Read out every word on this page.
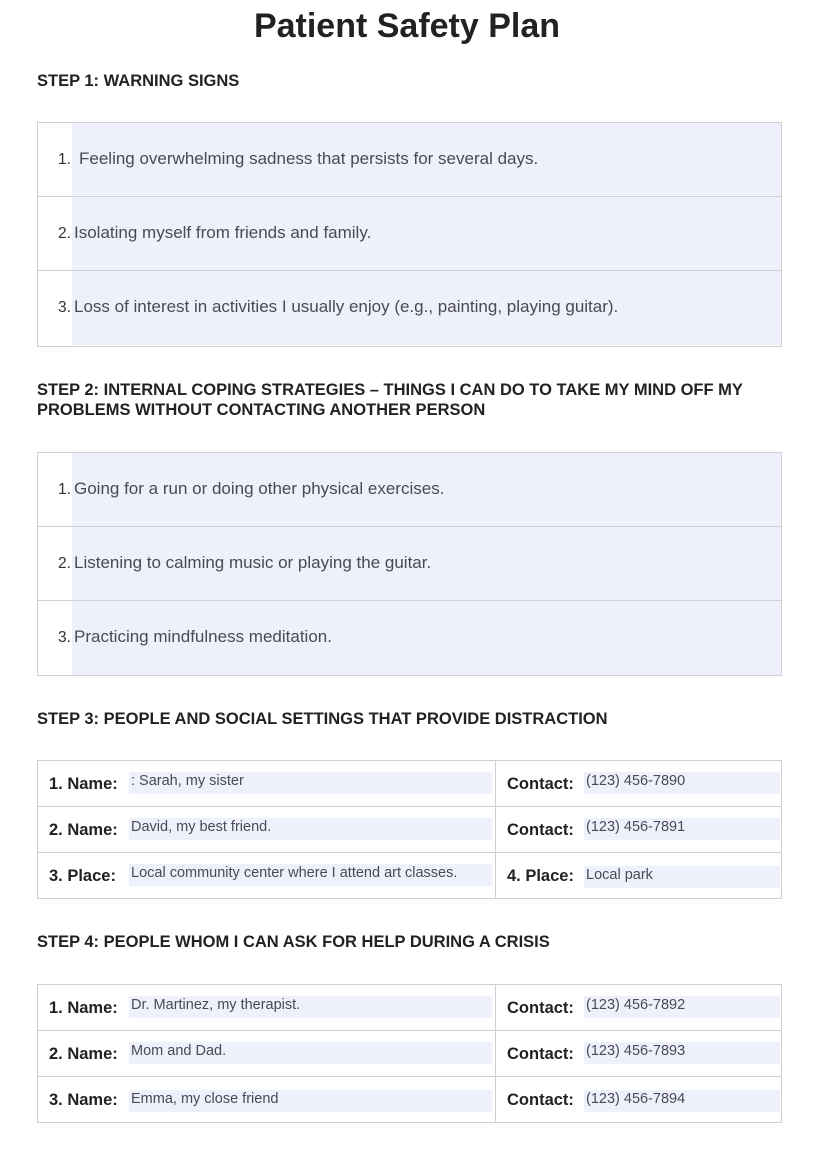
Patient Safety Plan
STEP 1: WARNING SIGNS
1. Feeling overwhelming sadness that persists for several days.
2. Isolating myself from friends and family.
3. Loss of interest in activities I usually enjoy (e.g., painting, playing guitar).
STEP 2: INTERNAL COPING STRATEGIES – THINGS I CAN DO TO TAKE MY MIND OFF MY PROBLEMS WITHOUT CONTACTING ANOTHER PERSON
1. Going for a run or doing other physical exercises.
2. Listening to calming music or playing the guitar.
3. Practicing mindfulness meditation.
STEP 3: PEOPLE AND SOCIAL SETTINGS THAT PROVIDE DISTRACTION
1. Name: : Sarah, my sister	Contact: (123) 456-7890
2. Name: David, my best friend.	Contact: (123) 456-7891
3. Place: Local community center where I attend art classes.	4. Place: Local park
STEP 4: PEOPLE WHOM I CAN ASK FOR HELP DURING A CRISIS
1. Name: Dr. Martinez, my therapist.	Contact: (123) 456-7892
2. Name: Mom and Dad.	Contact: (123) 456-7893
3. Name: Emma, my close friend	Contact: (123) 456-7894
